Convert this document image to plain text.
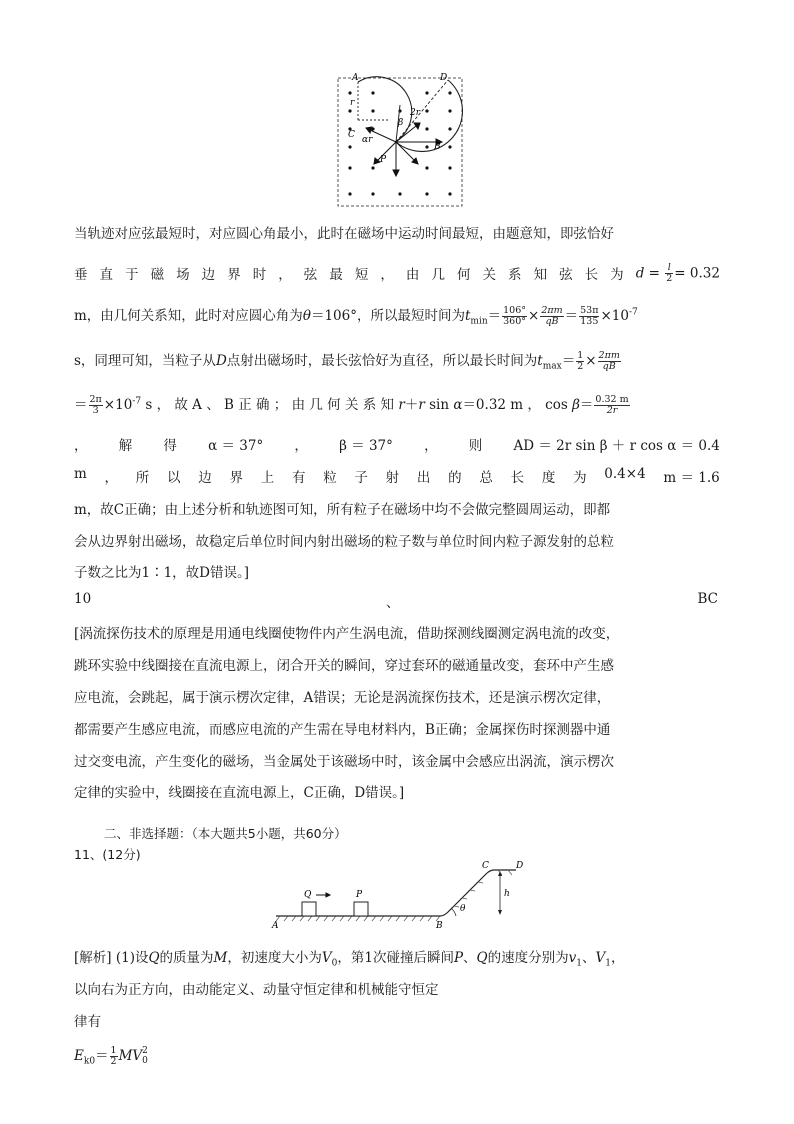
A	D
r
2r
β
C αr
B
P
当轨迹对应弦最短时，对应圆心角最小，此时在磁场中运动时间最短，由题意知，即弦恰好
垂 直 于 磁 场 边 界 时 ， 弦 最 短 ， 由 几 何 关 系 知 弦 长 为 $d = \frac{l}{2} = 0.32$
m，由几何关系知，此时对应圆心角为θ＝106°，所以最短时间为$t_{min}= \frac{106^\circ}{360^\circ} \times \frac{2\pi m}{qB} = \frac{53\pi}{135} \times 10^{-7}$
s，同理可知，当粒子从D点射出磁场时，最长弦恰好为直径，所以最长时间为$t_{max}= \frac{1}{2} \times \frac{2\pi m}{qB}$
＝ $\frac{2\pi}{3} \times 10^{-7}$ s ， 故 A 、 B 正 确 ； 由 几 何 关 系 知 r＋r sin α＝0.32 m ， $\cos \beta= \frac{0.32 m}{2r}$
， 解 得 α ＝ 37° ， β ＝ 37° ， 则 AD ＝ 2r sin β ＋ r cos α ＝ 0.4
m ， 所 以 边 界 上 有 粒 子 射 出 的 总 长 度 为 0.4×4 m ＝ 1.6
m，故C正确；由上述分析和轨迹图可知，所有粒子在磁场中均不会做完整圆周运动，即都
会从边界射出磁场，故稳定后单位时间内射出磁场的粒子数与单位时间内粒子源发射的总粒
子数之比为1∶1，故D错误。]
10	、	BC
[涡流探伤技术的原理是用通电线圈使物件内产生涡电流，借助探测线圈测定涡电流的改变，
跳环实验中线圈接在直流电源上，闭合开关的瞬间，穿过套环的磁通量改变，套环中产生感
应电流，会跳起，属于演示楞次定律，A错误；无论是涡流探伤技术，还是演示楞次定律，
都需要产生感应电流，而感应电流的产生需在导电材料内，B正确；金属探伤时探测器中通
过交变电流，产生变化的磁场，当金属处于该磁场中时，该金属中会感应出涡流，演示楞次
定律的实验中，线圈接在直流电源上，C正确，D错误。]
二、非选择题：（本大题共5小题，共60分）
11、(12分)
Q	P
A	B
C	D
h
θ
[解析] (1)设Q的质量为M，初速度大小为$V_0$，第1次碰撞后瞬间P、Q的速度分别为$v_1$、$V_1$，
以向右为正方向，由动能定义、动量守恒定律和机械能守恒定
律有
$E_{k0}= \frac{1}{2}$ MV 2
0
